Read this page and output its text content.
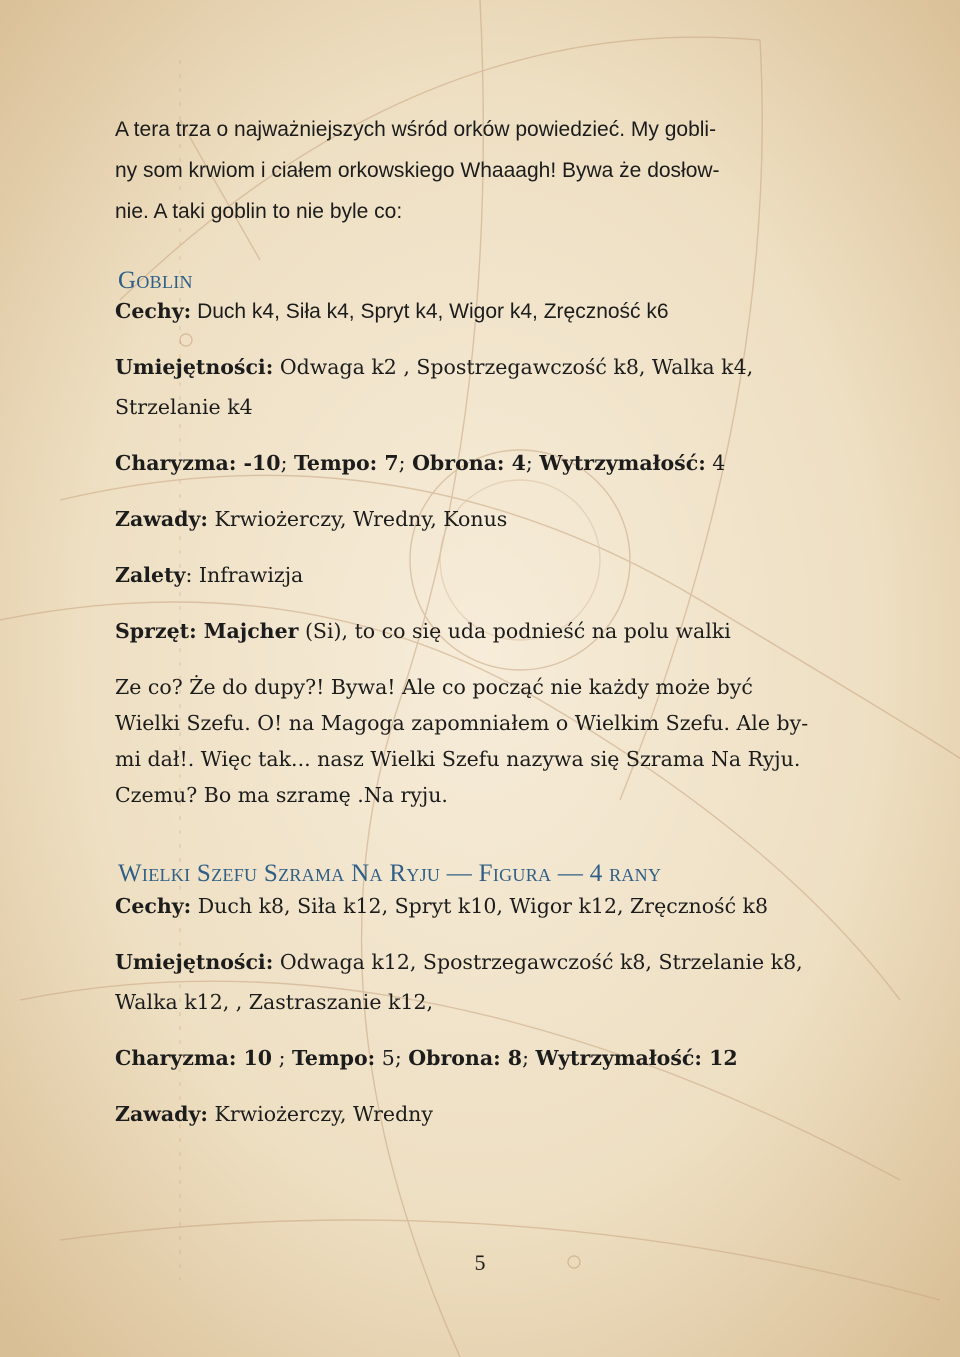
A tera trza o najważniejszych wśród orków powiedzieć. My gobli-
ny som krwiom i ciałem orkowskiego Whaaagh! Bywa że dosłow-
nie. A taki goblin to nie byle co:
Goblin
Cechy: Duch k4, Siła k4, Spryt k4, Wigor k4, Zręczność k6
Umiejętności: Odwaga k2 , Spostrzegawczość k8, Walka k4,
Strzelanie k4
Charyzma: -10; Tempo: 7; Obrona: 4; Wytrzymałość: 4
Zawady: Krwiożerczy, Wredny, Konus
Zalety: Infrawizja
Sprzęt: Majcher (Si), to co się uda podnieść na polu walki
Ze co? Że do dupy?! Bywa! Ale co począć nie każdy może być
Wielki Szefu. O! na Magoga zapomniałem o Wielkim Szefu. Ale by-
mi dał!. Więc tak... nasz Wielki Szefu nazywa się Szrama Na Ryju.
Czemu? Bo ma szramę .Na ryju.
Wielki Szefu Szrama Na Ryju — Figura — 4 rany
Cechy: Duch k8, Siła k12, Spryt k10, Wigor k12, Zręczność k8
Umiejętności: Odwaga k12, Spostrzegawczość k8, Strzelanie k8,
Walka k12, , Zastraszanie k12,
Charyzma: 10 ; Tempo: 5; Obrona: 8; Wytrzymałość: 12
Zawady: Krwiożerczy, Wredny
5
